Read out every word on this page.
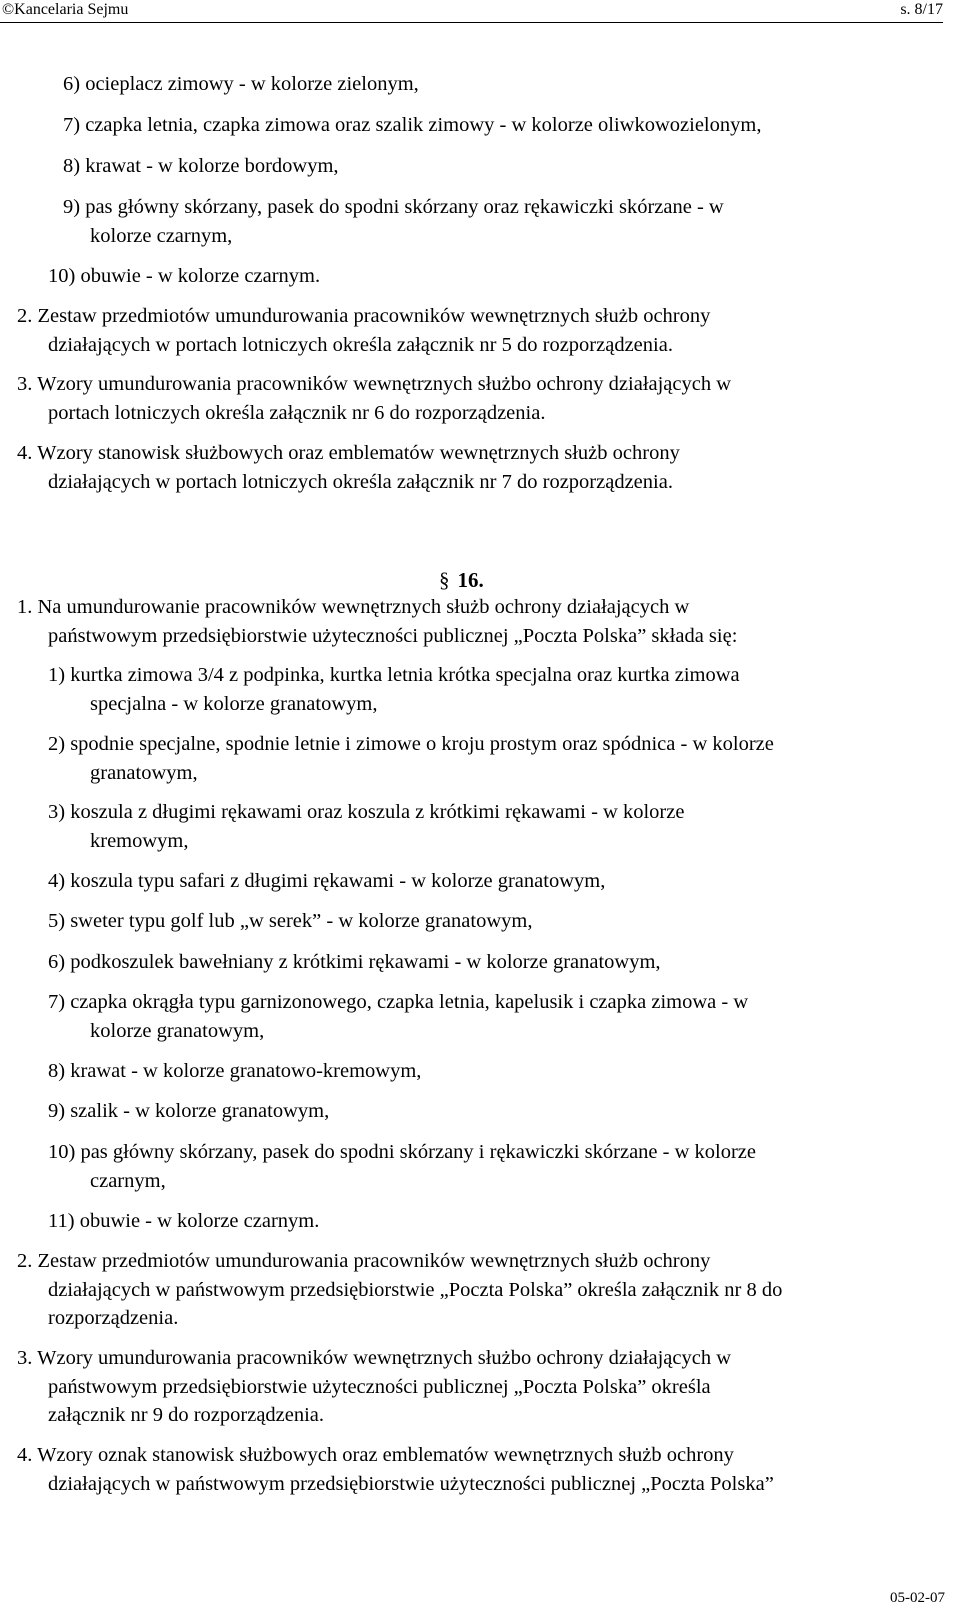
©Kancelaria Sejmu	s. 8/17

6) ocieplacz zimowy - w kolorze zielonym,

7) czapka letnia, czapka zimowa oraz szalik zimowy - w kolorze oliwkowozielonym,

8) krawat - w kolorze bordowym,

9) pas główny skórzany, pasek do spodni skórzany oraz rękawiczki skórzane - w

kolorze czarnym,

10) obuwie - w kolorze czarnym.

2. Zestaw przedmiotów umundurowania pracowników wewnętrznych służb ochrony

działających w portach lotniczych określa załącznik nr 5 do rozporządzenia.

3. Wzory umundurowania pracowników wewnętrznych służbo ochrony działających w

portach lotniczych określa załącznik nr 6 do rozporządzenia.

4. Wzory stanowisk służbowych oraz emblematów wewnętrznych służb ochrony

działających w portach lotniczych określa załącznik nr 7 do rozporządzenia.

§ 16.

1. Na umundurowanie pracowników wewnętrznych służb ochrony działających w

państwowym przedsiębiorstwie użyteczności publicznej „Poczta Polska” składa się:

1) kurtka zimowa 3/4 z podpinka, kurtka letnia krótka specjalna oraz kurtka zimowa

specjalna - w kolorze granatowym,

2) spodnie specjalne, spodnie letnie i zimowe o kroju prostym oraz spódnica - w kolorze

granatowym,

3) koszula z długimi rękawami oraz koszula z krótkimi rękawami - w kolorze

kremowym,

4) koszula typu safari z długimi rękawami - w kolorze granatowym,

5) sweter typu golf lub „w serek” - w kolorze granatowym,

6) podkoszulek bawełniany z krótkimi rękawami - w kolorze granatowym,

7) czapka okrągła typu garnizonowego, czapka letnia, kapelusik i czapka zimowa - w

kolorze granatowym,

8) krawat - w kolorze granatowo-kremowym,

9) szalik - w kolorze granatowym,

10) pas główny skórzany, pasek do spodni skórzany i rękawiczki skórzane - w kolorze

czarnym,

11) obuwie - w kolorze czarnym.

2. Zestaw przedmiotów umundurowania pracowników wewnętrznych służb ochrony

działających w państwowym przedsiębiorstwie „Poczta Polska” określa załącznik nr 8 do

rozporządzenia.

3. Wzory umundurowania pracowników wewnętrznych służbo ochrony działających w

państwowym przedsiębiorstwie użyteczności publicznej „Poczta Polska” określa

załącznik nr 9 do rozporządzenia.

4. Wzory oznak stanowisk służbowych oraz emblematów wewnętrznych służb ochrony

działających w państwowym przedsiębiorstwie użyteczności publicznej „Poczta Polska”

05-02-07
